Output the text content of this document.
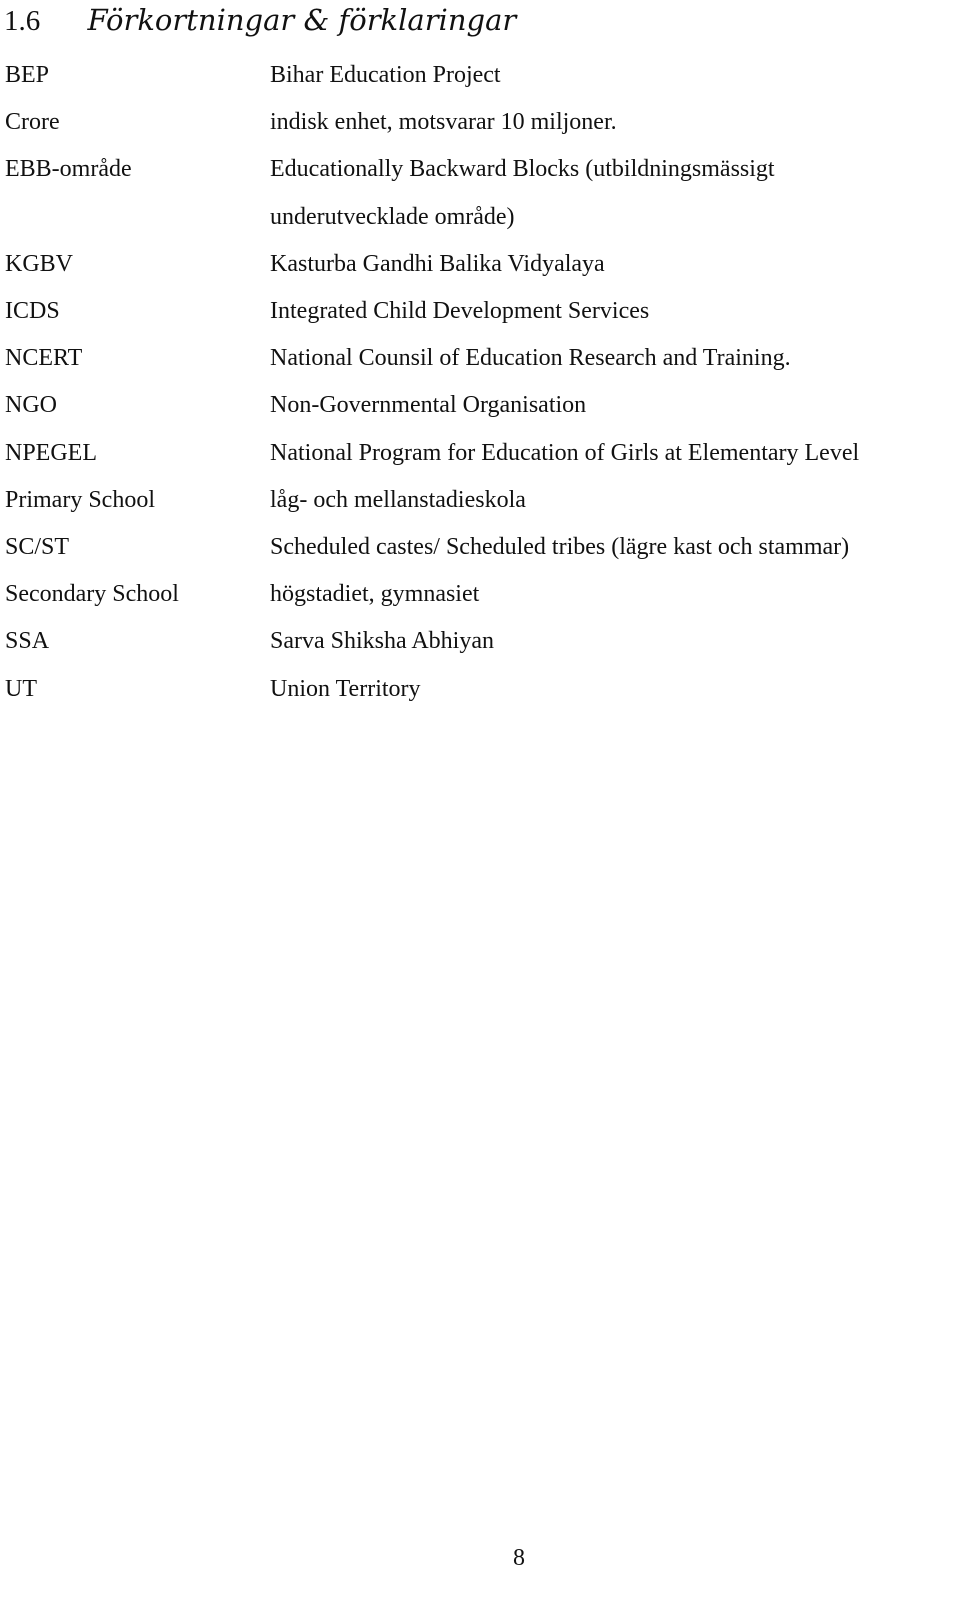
1.6 Förkortningar & förklaringar
BEP	Bihar Education Project
Crore	indisk enhet, motsvarar 10 miljoner.
EBB-område	Educationally Backward Blocks (utbildningsmässigt
underutvecklade område)
KGBV	Kasturba Gandhi Balika Vidyalaya
ICDS	Integrated Child Development Services
NCERT	National Counsil of Education Research and Training.
NGO	Non-Governmental Organisation
NPEGEL	National Program for Education of Girls at Elementary Level
Primary School	låg- och mellanstadieskola
SC/ST	Scheduled castes/ Scheduled tribes (lägre kast och stammar)
Secondary School	högstadiet, gymnasiet
SSA	Sarva Shiksha Abhiyan
UT	Union Territory
8
